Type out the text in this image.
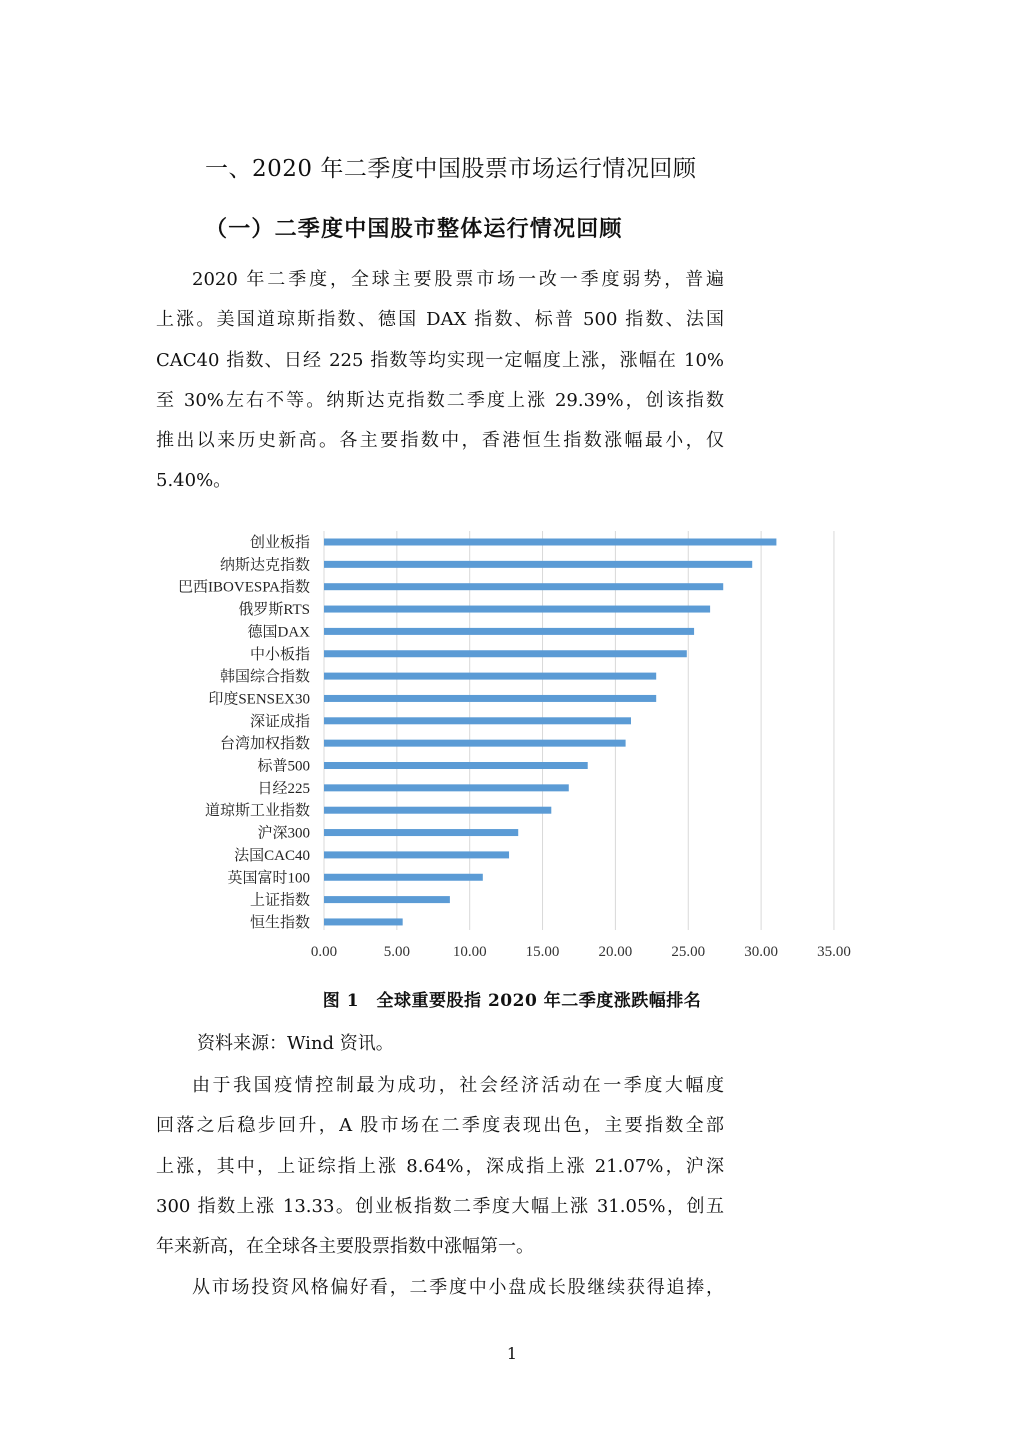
一、2020 年二季度中国股票市场运行情况回顾
（一）二季度中国股市整体运行情况回顾
2020 年二季度，全球主要股票市场一改一季度弱势，普遍
上涨。美国道琼斯指数、德国 DAX 指数、标普 500 指数、法国
CAC40 指数、日经 225 指数等均实现一定幅度上涨，涨幅在 10%
至 30%左右不等。纳斯达克指数二季度上涨 29.39%，创该指数
推出以来历史新高。各主要指数中，香港恒生指数涨幅最小，仅
5.40%。
创业板指
纳斯达克指数
巴西IBOVESPA指数
俄罗斯RTS
德国DAX
中小板指
韩国综合指数
印度SENSEX30
深证成指
台湾加权指数
标普500
日经225
道琼斯工业指数
沪深300
法国CAC40
英国富时100
上证指数
恒生指数
0.00	5.00	10.00	15.00	20.00	25.00	30.00	35.00
图 1　全球重要股指 2020 年二季度涨跌幅排名
资料来源：Wind 资讯。
由于我国疫情控制最为成功，社会经济活动在一季度大幅度
回落之后稳步回升，A 股市场在二季度表现出色，主要指数全部
上涨，其中，上证综指上涨 8.64%，深成指上涨 21.07%，沪深
300 指数上涨 13.33。创业板指数二季度大幅上涨 31.05%，创五
年来新高，在全球各主要股票指数中涨幅第一。
从市场投资风格偏好看，二季度中小盘成长股继续获得追捧，
1
